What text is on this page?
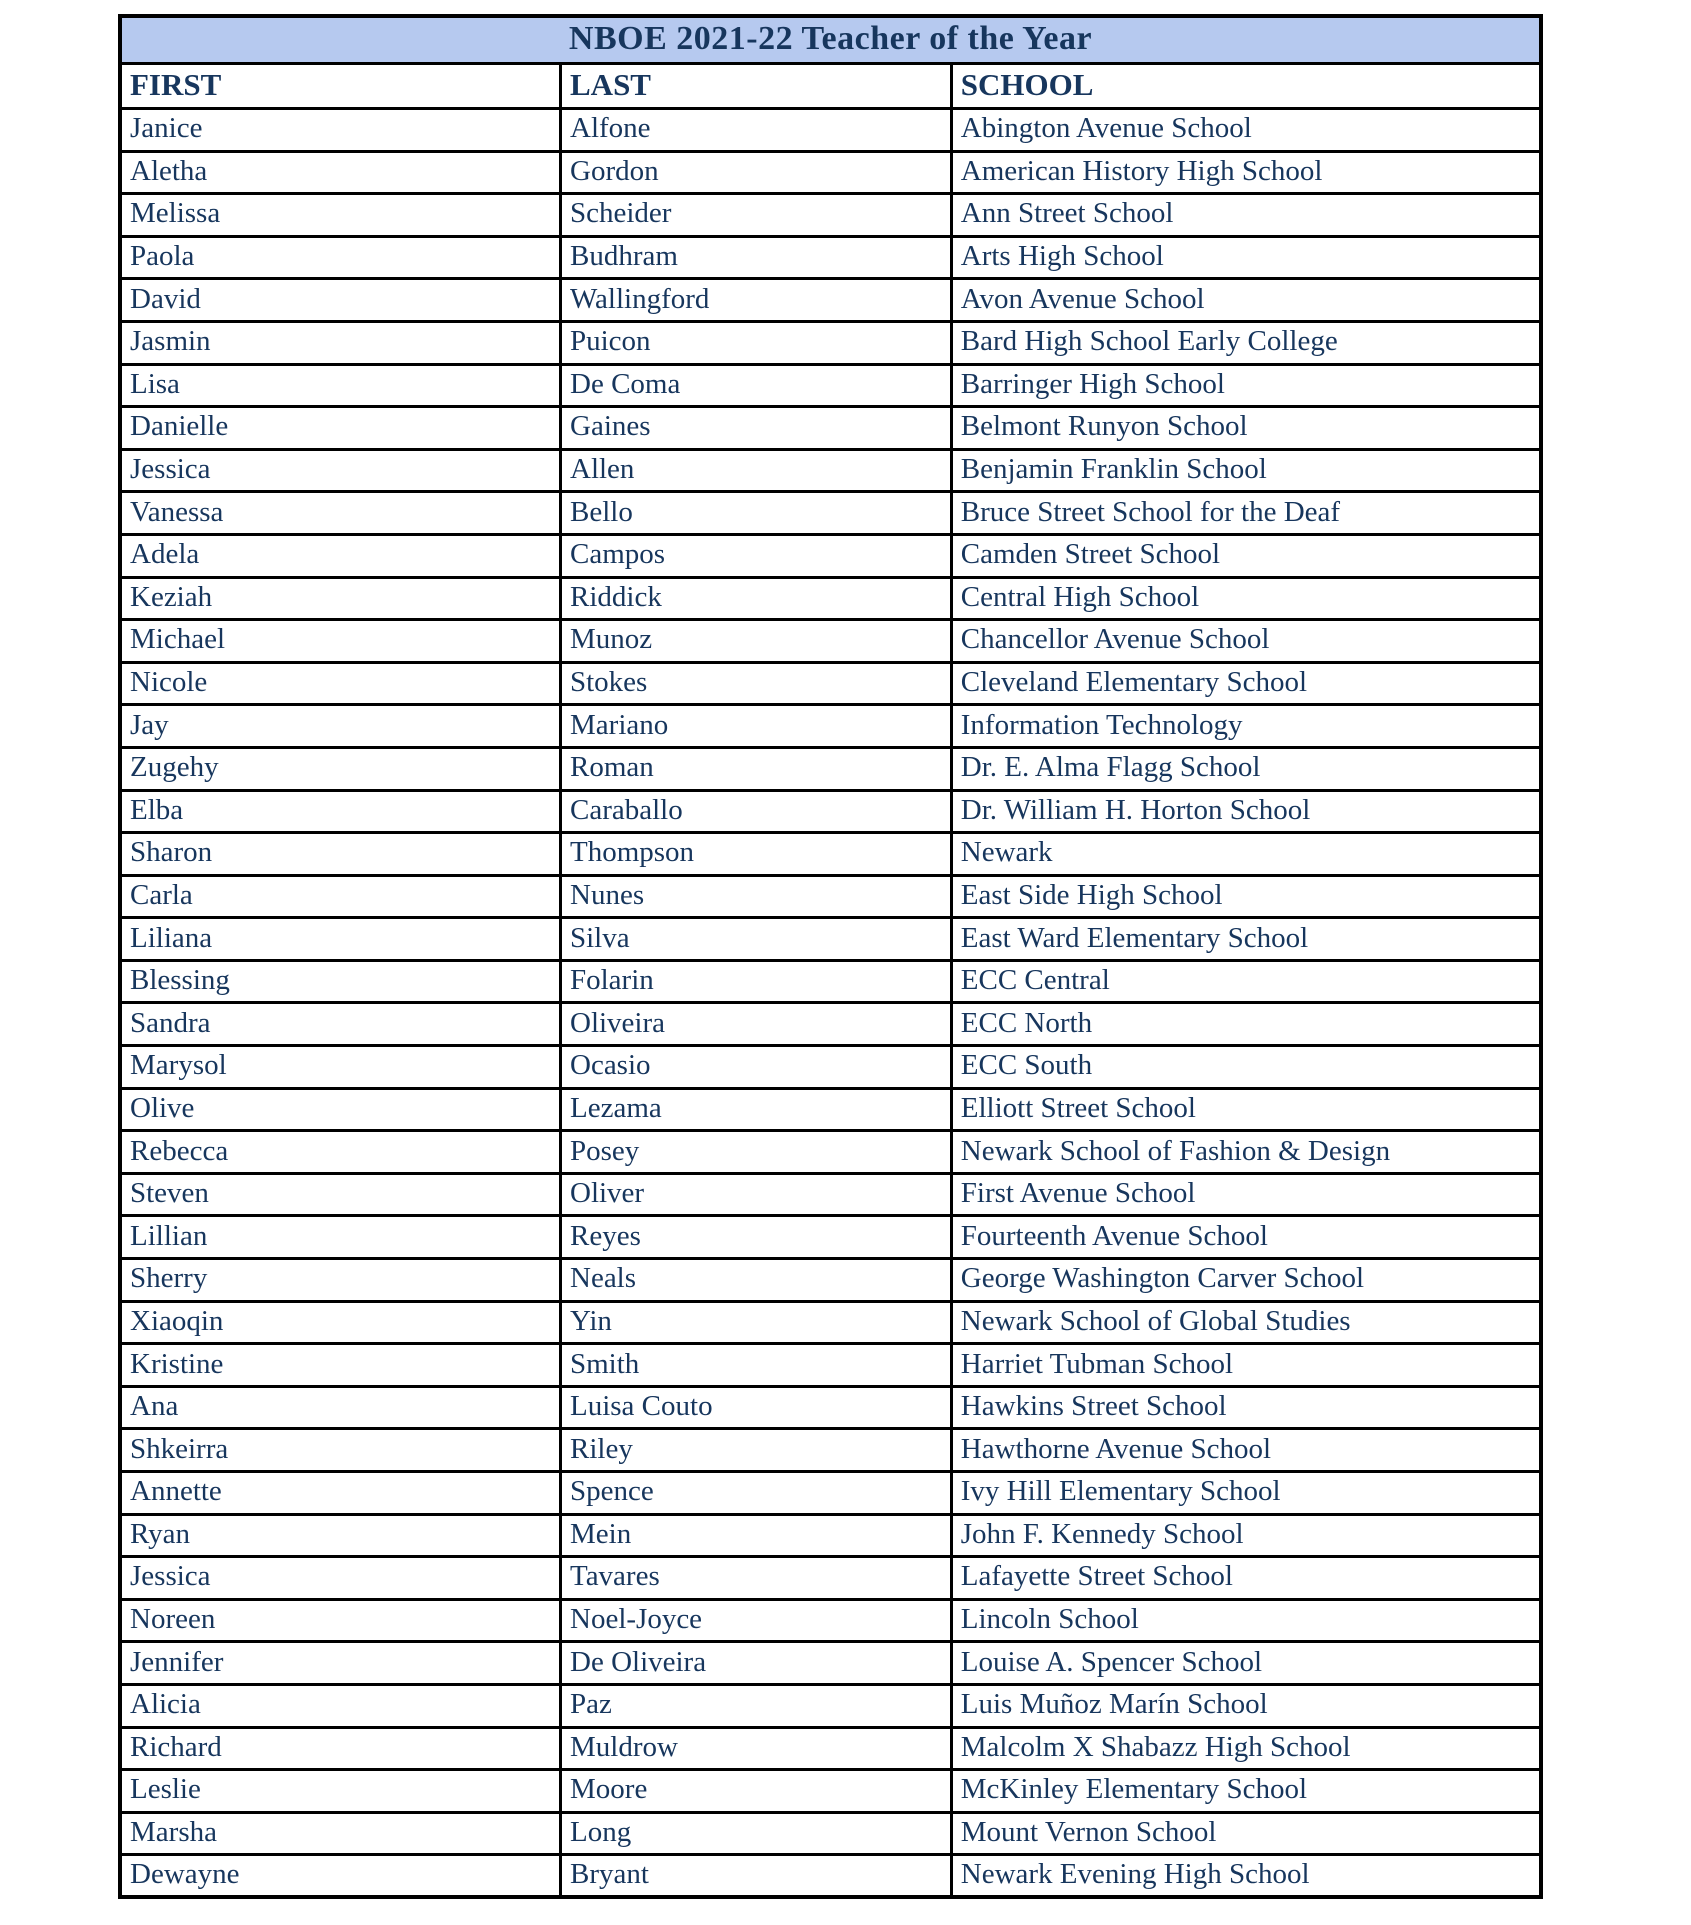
NBOE 2021-22 Teacher of the Year		
FIRST	LAST	SCHOOL
Janice	Alfone	Abington Avenue School
Aletha	Gordon	American History High School
Melissa	Scheider	Ann Street School
Paola	Budhram	Arts High School
David	Wallingford	Avon Avenue School
Jasmin	Puicon	Bard High School Early College
Lisa	De Coma	Barringer High School
Danielle	Gaines	Belmont Runyon School
Jessica	Allen	Benjamin Franklin School
Vanessa	Bello	Bruce Street School for the Deaf
Adela	Campos	Camden Street School
Keziah	Riddick	Central High School
Michael	Munoz	Chancellor Avenue School
Nicole	Stokes	Cleveland Elementary School
Jay	Mariano	Information Technology
Zugehy	Roman	Dr. E. Alma Flagg School
Elba	Caraballo	Dr. William H. Horton School
Sharon	Thompson	Newark
Carla	Nunes	East Side High School
Liliana	Silva	East Ward Elementary School
Blessing	Folarin	ECC Central
Sandra	Oliveira	ECC North
Marysol	Ocasio	ECC South
Olive	Lezama	Elliott Street School
Rebecca	Posey	Newark School of Fashion & Design
Steven	Oliver	First Avenue School
Lillian	Reyes	Fourteenth Avenue School
Sherry	Neals	George Washington Carver School
Xiaoqin	Yin	Newark School of Global Studies
Kristine	Smith	Harriet Tubman School
Ana	Luisa Couto	Hawkins Street School
Shkeirra	Riley	Hawthorne Avenue School
Annette	Spence	Ivy Hill Elementary School
Ryan	Mein	John F. Kennedy School
Jessica	Tavares	Lafayette Street School
Noreen	Noel-Joyce	Lincoln School
Jennifer	De Oliveira	Louise A. Spencer School
Alicia	Paz	Luis Muñoz Marín School
Richard	Muldrow	Malcolm X Shabazz High School
Leslie	Moore	McKinley Elementary School
Marsha	Long	Mount Vernon School
Dewayne	Bryant	Newark Evening High School
